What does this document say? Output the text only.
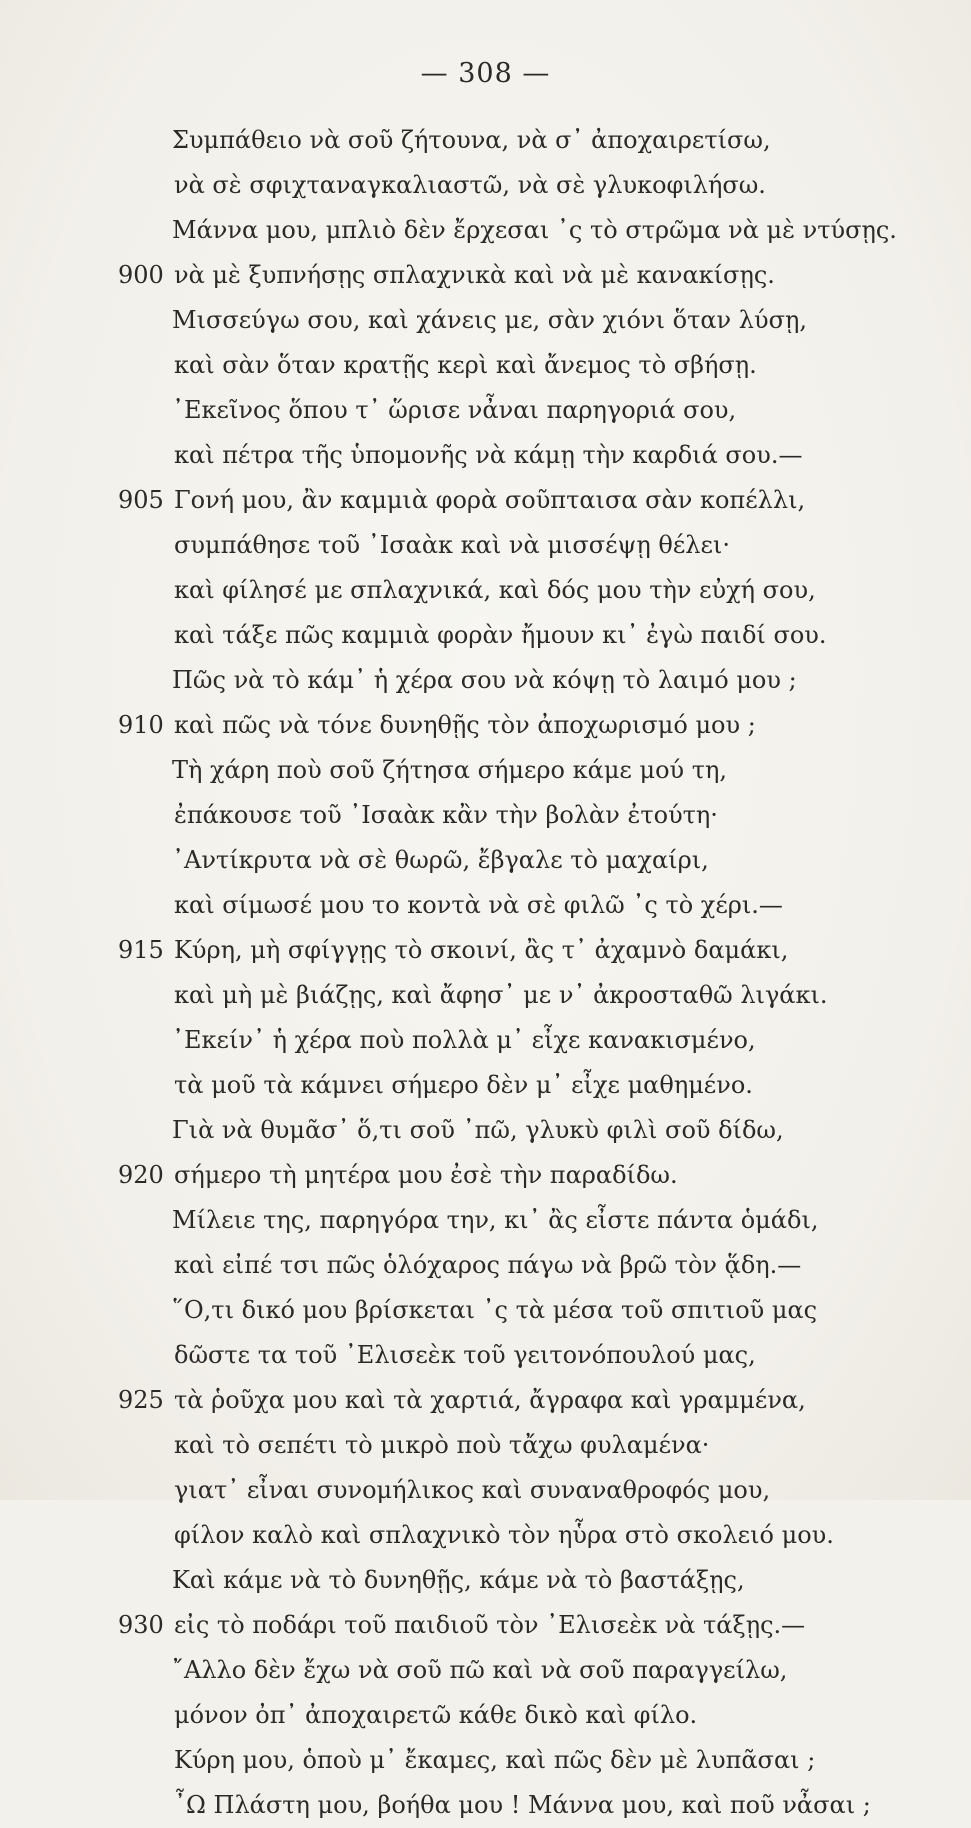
— 308 —
Συμπάθειο νὰ σοῦ ζήτουνα, νὰ σ᾽ ἀποχαιρετίσω,
νὰ σὲ σφιχταναγκαλιαστῶ, νὰ σὲ γλυκοφιλήσω.
Μάννα μου, μπλιὸ δὲν ἔρχεσαι ᾽ς τὸ στρῶμα νὰ μὲ ντύσῃς.
900 νὰ μὲ ξυπνήσῃς σπλαχνικὰ καὶ νὰ μὲ κανακίσῃς.
Μισσεύγω σου, καὶ χάνεις με, σὰν χιόνι ὅταν λύσῃ,
καὶ σὰν ὅταν κρατῇς κερὶ καὶ ἄνεμος τὸ σβήσῃ.
᾽Εκεῖνος ὅπου τ᾽ ὥρισε νἆναι παρηγοριά σου,
καὶ πέτρα τῆς ὑπομονῆς νὰ κάμῃ τὴν καρδιά σου.—
905 Γονή μου, ἂν καμμιὰ φορὰ σοῦπταισα σὰν κοπέλλι,
συμπάθησε τοῦ ᾽Ισαὰκ καὶ νὰ μισσέψῃ θέλει·
καὶ φίλησέ με σπλαχνικά, καὶ δός μου τὴν εὐχή σου,
καὶ τάξε πῶς καμμιὰ φορὰν ἤμουν κι᾽ ἐγὼ παιδί σου.
Πῶς νὰ τὸ κάμ᾽ ἡ χέρα σου νὰ κόψῃ τὸ λαιμό μου ;
910 καὶ πῶς νὰ τόνε δυνηθῇς τὸν ἀποχωρισμό μου ;
Τὴ χάρη ποὺ σοῦ ζήτησα σήμερο κάμε μού τη,
ἐπάκουσε τοῦ ᾽Ισαὰκ κἂν τὴν βολὰν ἐτούτη·
᾽Αντίκρυτα νὰ σὲ θωρῶ, ἔβγαλε τὸ μαχαίρι,
καὶ σίμωσέ μου το κοντὰ νὰ σὲ φιλῶ ᾽ς τὸ χέρι.—
915 Κύρη, μὴ σφίγγῃς τὸ σκοινί, ἂς τ᾽ ἀχαμνὸ δαμάκι,
καὶ μὴ μὲ βιάζῃς, καὶ ἄφησ᾽ με ν᾽ ἀκροσταθῶ λιγάκι.
᾽Εκείν᾽ ἡ χέρα ποὺ πολλὰ μ᾽ εἶχε κανακισμένο,
τὰ μοῦ τὰ κάμνει σήμερο δὲν μ᾽ εἶχε μαθημένο.
Γιὰ νὰ θυμᾶσ᾽ ὅ,τι σοῦ ᾽πῶ, γλυκὺ φιλὶ σοῦ δίδω,
920 σήμερο τὴ μητέρα μου ἐσὲ τὴν παραδίδω.
Μίλειε της, παρηγόρα την, κι᾽ ἂς εἶστε πάντα ὁμάδι,
καὶ εἰπέ τσι πῶς ὁλόχαρος πάγω νὰ βρῶ τὸν ᾅδη.—
῞Ο,τι δικό μου βρίσκεται ᾽ς τὰ μέσα τοῦ σπιτιοῦ μας
δῶστε τα τοῦ ᾽Ελισεὲκ τοῦ γειτονόπουλού μας,
925 τὰ ῥοῦχα μου καὶ τὰ χαρτιά, ἄγραφα καὶ γραμμένα,
καὶ τὸ σεπέτι τὸ μικρὸ ποὺ τἄχω φυλαμένα·
γιατ᾽ εἶναι συνομήλικος καὶ συναναθροφός μου,
φίλον καλὸ καὶ σπλαχνικὸ τὸν ηὗρα στὸ σκολειό μου.
Καὶ κάμε νὰ τὸ δυνηθῇς, κάμε νὰ τὸ βαστάξῃς,
930 εἰς τὸ ποδάρι τοῦ παιδιοῦ τὸν ᾽Ελισεὲκ νὰ τάξῃς.—
῎Αλλο δὲν ἔχω νὰ σοῦ πῶ καὶ νὰ σοῦ παραγγείλω,
μόνον ὀπ᾽ ἀποχαιρετῶ κάθε δικὸ καὶ φίλο.
Κύρη μου, ὁποὺ μ᾽ ἔκαμες, καὶ πῶς δὲν μὲ λυπᾶσαι ;
῏Ω Πλάστη μου, βοήθα μου ! Μάννα μου, καὶ ποῦ νἆσαι ;
